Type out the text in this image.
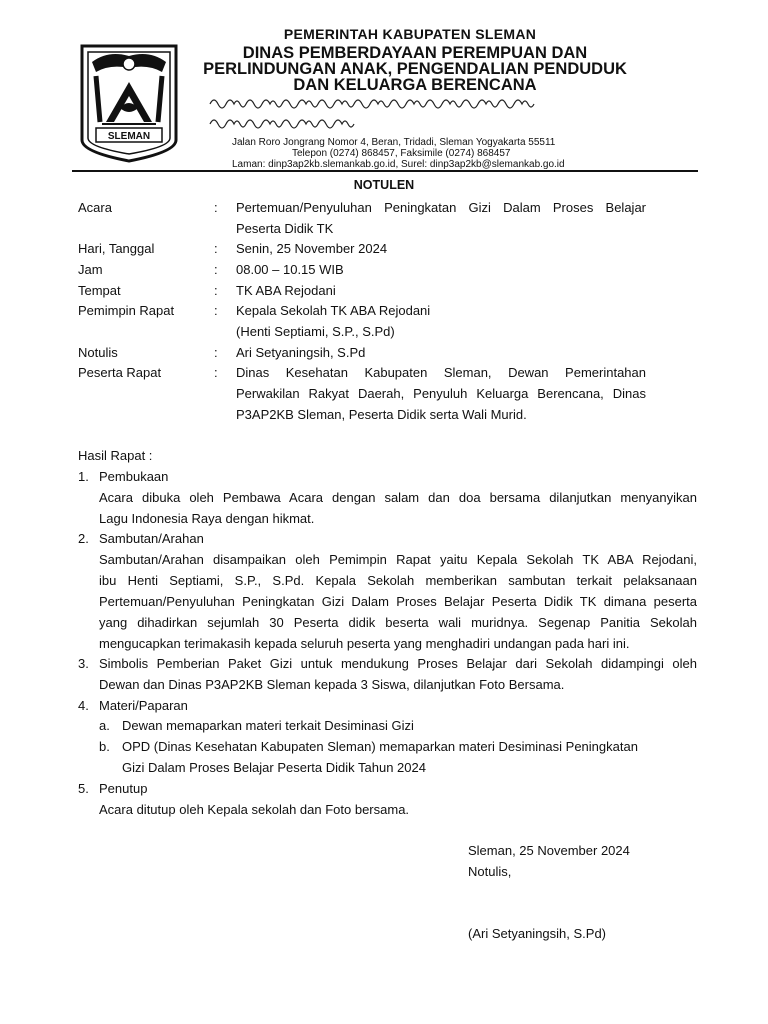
SLEMAN
PEMERINTAH KABUPATEN SLEMAN
DINAS PEMBERDAYAAN PEREMPUAN DAN
PERLINDUNGAN ANAK, PENGENDALIAN PENDUDUK
DAN KELUARGA BERENCANA
Jalan Roro Jongrang Nomor 4, Beran, Tridadi, Sleman Yogyakarta 55511
Telepon (0274) 868457, Faksimile (0274) 868457
Laman: dinp3ap2kb.slemankab.go.id, Surel: dinp3ap2kb@slemankab.go.id
NOTULEN
Acara	: Pertemuan/Penyuluhan Peningkatan Gizi Dalam Proses Belajar
Peserta Didik TK
Hari, Tanggal	: Senin, 25 November 2024
Jam	: 08.00 – 10.15 WIB
Tempat	: TK ABA Rejodani
Pemimpin Rapat	: Kepala Sekolah TK ABA Rejodani
(Henti Septiami, S.P., S.Pd)
Notulis	: Ari Setyaningsih, S.Pd
Peserta Rapat	: Dinas Kesehatan Kabupaten Sleman, Dewan Pemerintahan
Perwakilan Rakyat Daerah, Penyuluh Keluarga Berencana, Dinas
P3AP2KB Sleman, Peserta Didik serta Wali Murid.
Hasil Rapat :
1. Pembukaan
Acara dibuka oleh Pembawa Acara dengan salam dan doa bersama dilanjutkan menyanyikan
Lagu Indonesia Raya dengan hikmat.
2. Sambutan/Arahan
Sambutan/Arahan disampaikan oleh Pemimpin Rapat yaitu Kepala Sekolah TK ABA Rejodani,
ibu Henti Septiami, S.P., S.Pd. Kepala Sekolah memberikan sambutan terkait pelaksanaan
Pertemuan/Penyuluhan Peningkatan Gizi Dalam Proses Belajar Peserta Didik TK dimana peserta
yang dihadirkan sejumlah 30 Peserta didik beserta wali muridnya. Segenap Panitia Sekolah
mengucapkan terimakasih kepada seluruh peserta yang menghadiri undangan pada hari ini.
3. Simbolis Pemberian Paket Gizi untuk mendukung Proses Belajar dari Sekolah didampingi oleh
Dewan dan Dinas P3AP2KB Sleman kepada 3 Siswa, dilanjutkan Foto Bersama.
4. Materi/Paparan
a. Dewan memaparkan materi terkait Desiminasi Gizi
b. OPD (Dinas Kesehatan Kabupaten Sleman) memaparkan materi Desiminasi Peningkatan
Gizi Dalam Proses Belajar Peserta Didik Tahun 2024
5. Penutup
Acara ditutup oleh Kepala sekolah dan Foto bersama.
Sleman, 25 November 2024
Notulis,
(Ari Setyaningsih, S.Pd)
